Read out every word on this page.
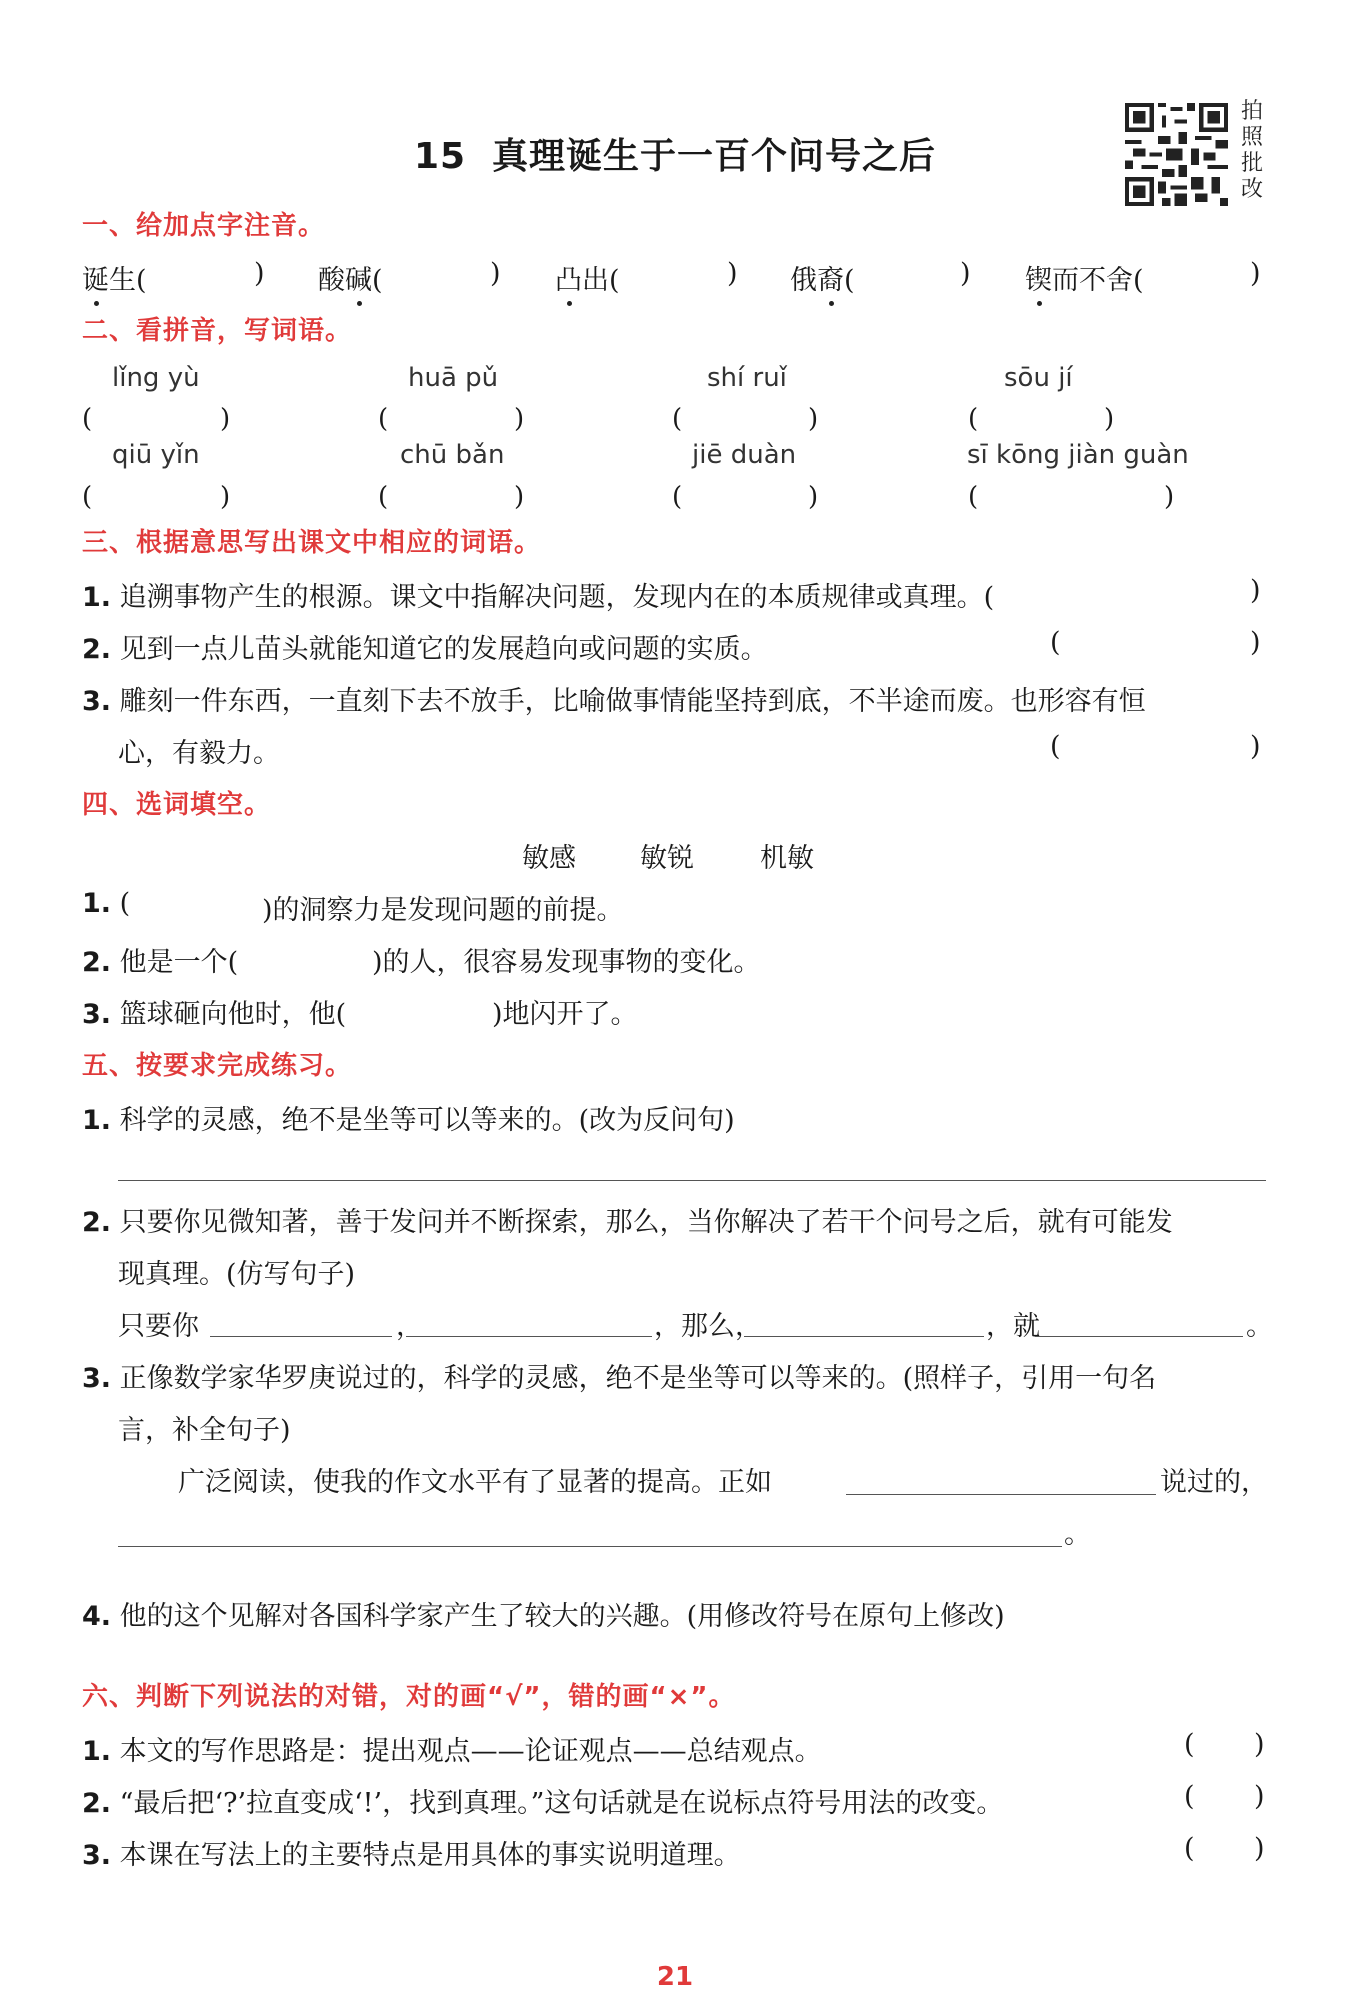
15 真理诞生于一百个问号之后
拍
照
批
改
一、给加点字注音。
诞生(	) 酸碱(	) 凸出(	) 俄裔(	) 锲而不舍(	)
二、看拼音，写词语。
lǐng yù	huā pǔ	shí ruǐ	sōu jí
(	)	(	)	(	)	(	)
qiū yǐn	chū bǎn	jiē duàn	sī kōng jiàn guàn
(	)	(	)	(	)	(	)
三、根据意思写出课文中相应的词语。
1. 追溯事物产生的根源。课文中指解决问题，发现内在的本质规律或真理。(	)
2. 见到一点儿苗头就能知道它的发展趋向或问题的实质。	(	)
3. 雕刻一件东西，一直刻下去不放手，比喻做事情能坚持到底，不半途而废。也形容有恒
心，有毅力。	(	)
四、选词填空。
敏感 敏锐 机敏
1. (	)的洞察力是发现问题的前提。
2. 他是一个(	)的人，很容易发现事物的变化。
3. 篮球砸向他时，他(	)地闪开了。
五、按要求完成练习。
1. 科学的灵感，绝不是坐等可以等来的。(改为反问句)
2. 只要你见微知著，善于发问并不断探索，那么，当你解决了若干个问号之后，就有可能发
现真理。(仿写句子)
只要你	，	，那么，	，就	。
3. 正像数学家华罗庚说过的，科学的灵感，绝不是坐等可以等来的。(照样子，引用一句名
言，补全句子)
广泛阅读，使我的作文水平有了显著的提高。正如	说过的，
。
4. 他的这个见解对各国科学家产生了较大的兴趣。(用修改符号在原句上修改)
六、判断下列说法的对错，对的画“√”，错的画“×”。
1. 本文的写作思路是：提出观点——论证观点——总结观点。	( )
2. “最后把‘?’拉直变成‘!’，找到真理。”这句话就是在说标点符号用法的改变。	( )
3. 本课在写法上的主要特点是用具体的事实说明道理。	( )
21
